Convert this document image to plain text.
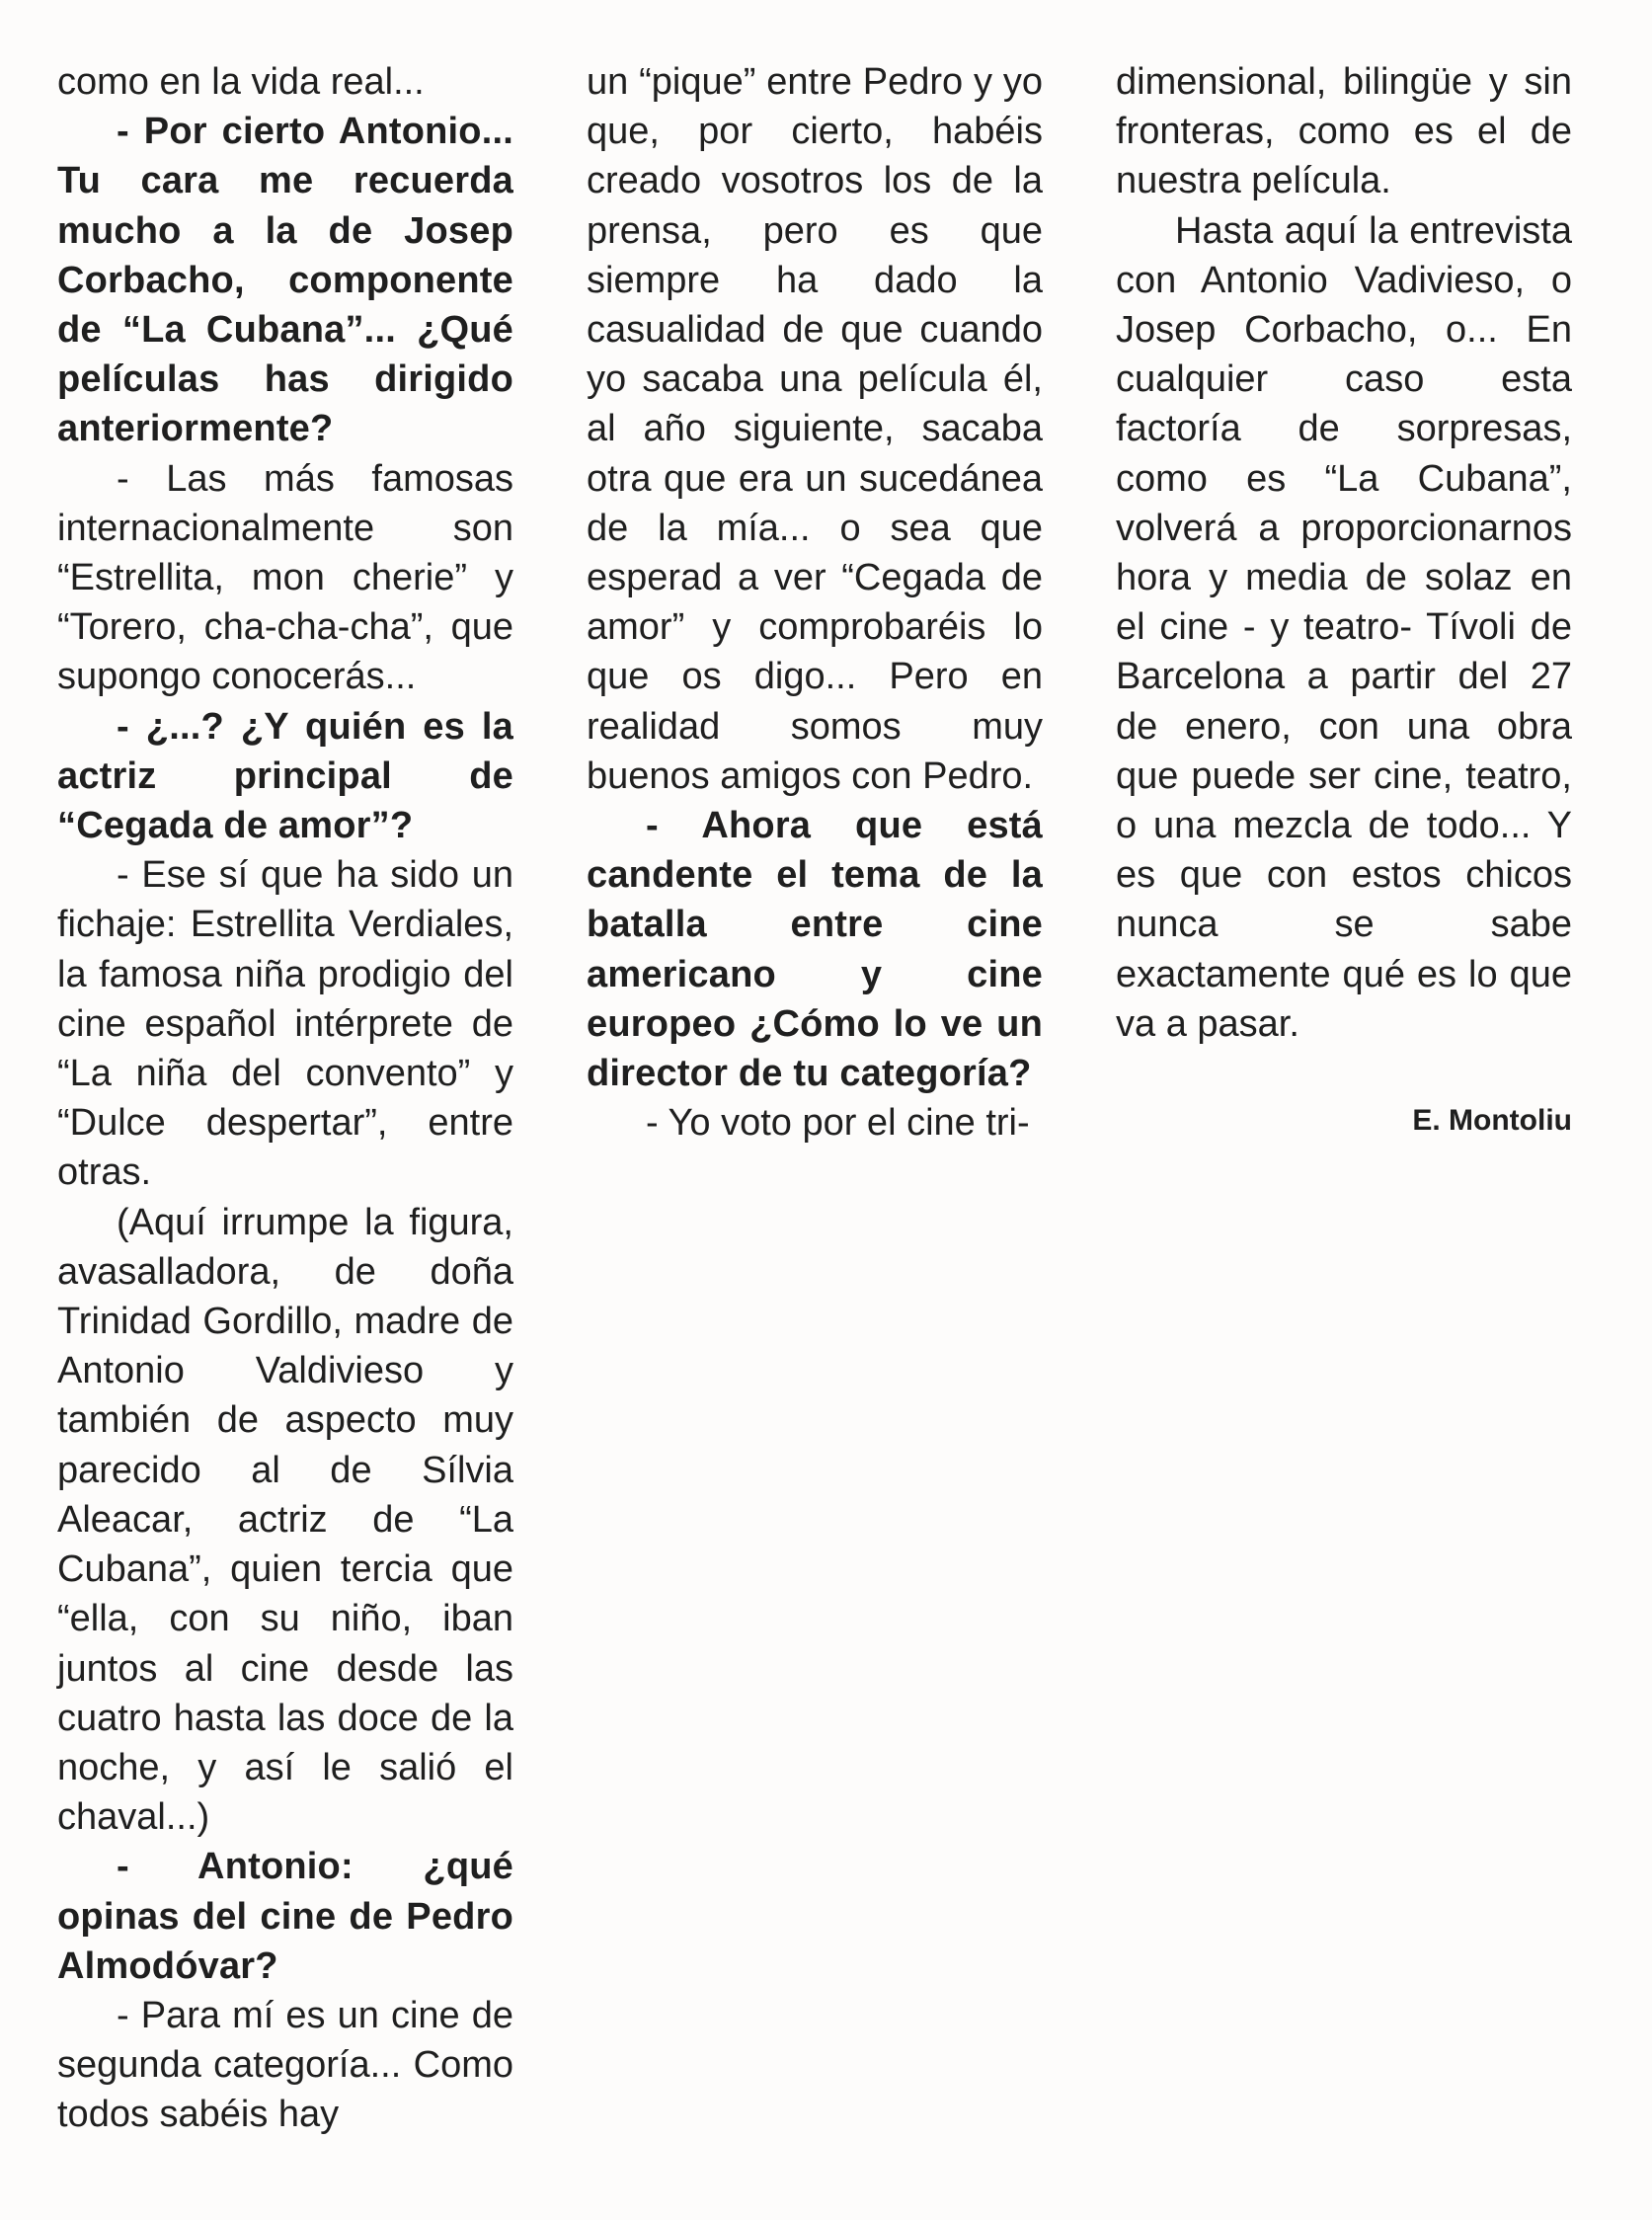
como en la vida real...

- Por cierto Antonio... Tu cara me recuerda mucho a la de Josep Corbacho, componente de “La Cubana”... ¿Qué películas has dirigido anteriormente?

- Las más famosas internacionalmente son “Estrellita, mon cherie” y “Torero, cha-cha-cha”, que supongo conocerás...

- ¿...? ¿Y quién es la actriz principal de “Cegada de amor”?

- Ese sí que ha sido un fichaje: Estrellita Verdiales, la famosa niña prodigio del cine español intérprete de “La niña del convento” y “Dulce despertar”, entre otras.

(Aquí irrumpe la figura, avasalladora, de doña Trinidad Gordillo, madre de Antonio Valdivieso y también de aspecto muy parecido al de Sílvia Aleacar, actriz de “La Cubana”, quien tercia que “ella, con su niño, iban juntos al cine desde las cuatro hasta las doce de la noche, y así le salió el chaval...)

- Antonio: ¿qué opinas del cine de Pedro Almodóvar?

- Para mí es un cine de segunda categoría... Como todos sabéis hay

un “pique” entre Pedro y yo que, por cierto, habéis creado vosotros los de la prensa, pero es que siempre ha dado la casualidad de que cuando yo sacaba una película él, al año siguiente, sacaba otra que era un sucedánea de la mía... o sea que esperad a ver “Cegada de amor” y comprobaréis lo que os digo... Pero en realidad somos muy buenos amigos con Pedro.

- Ahora que está candente el tema de la batalla entre cine americano y cine europeo ¿Cómo lo ve un director de tu categoría?

- Yo voto por el cine tri-

dimensional, bilingüe y sin fronteras, como es el de nuestra película.

Hasta aquí la entrevista con Antonio Vadivieso, o Josep Corbacho, o... En cualquier caso esta factoría de sorpresas, como es “La Cubana”, volverá a proporcionarnos hora y media de solaz en el cine - y teatro- Tívoli de Barcelona a partir del 27 de enero, con una obra que puede ser cine, teatro, o una mezcla de todo... Y es que con estos chicos nunca se sabe exactamente qué es lo que va a pasar.

E. Montoliu
